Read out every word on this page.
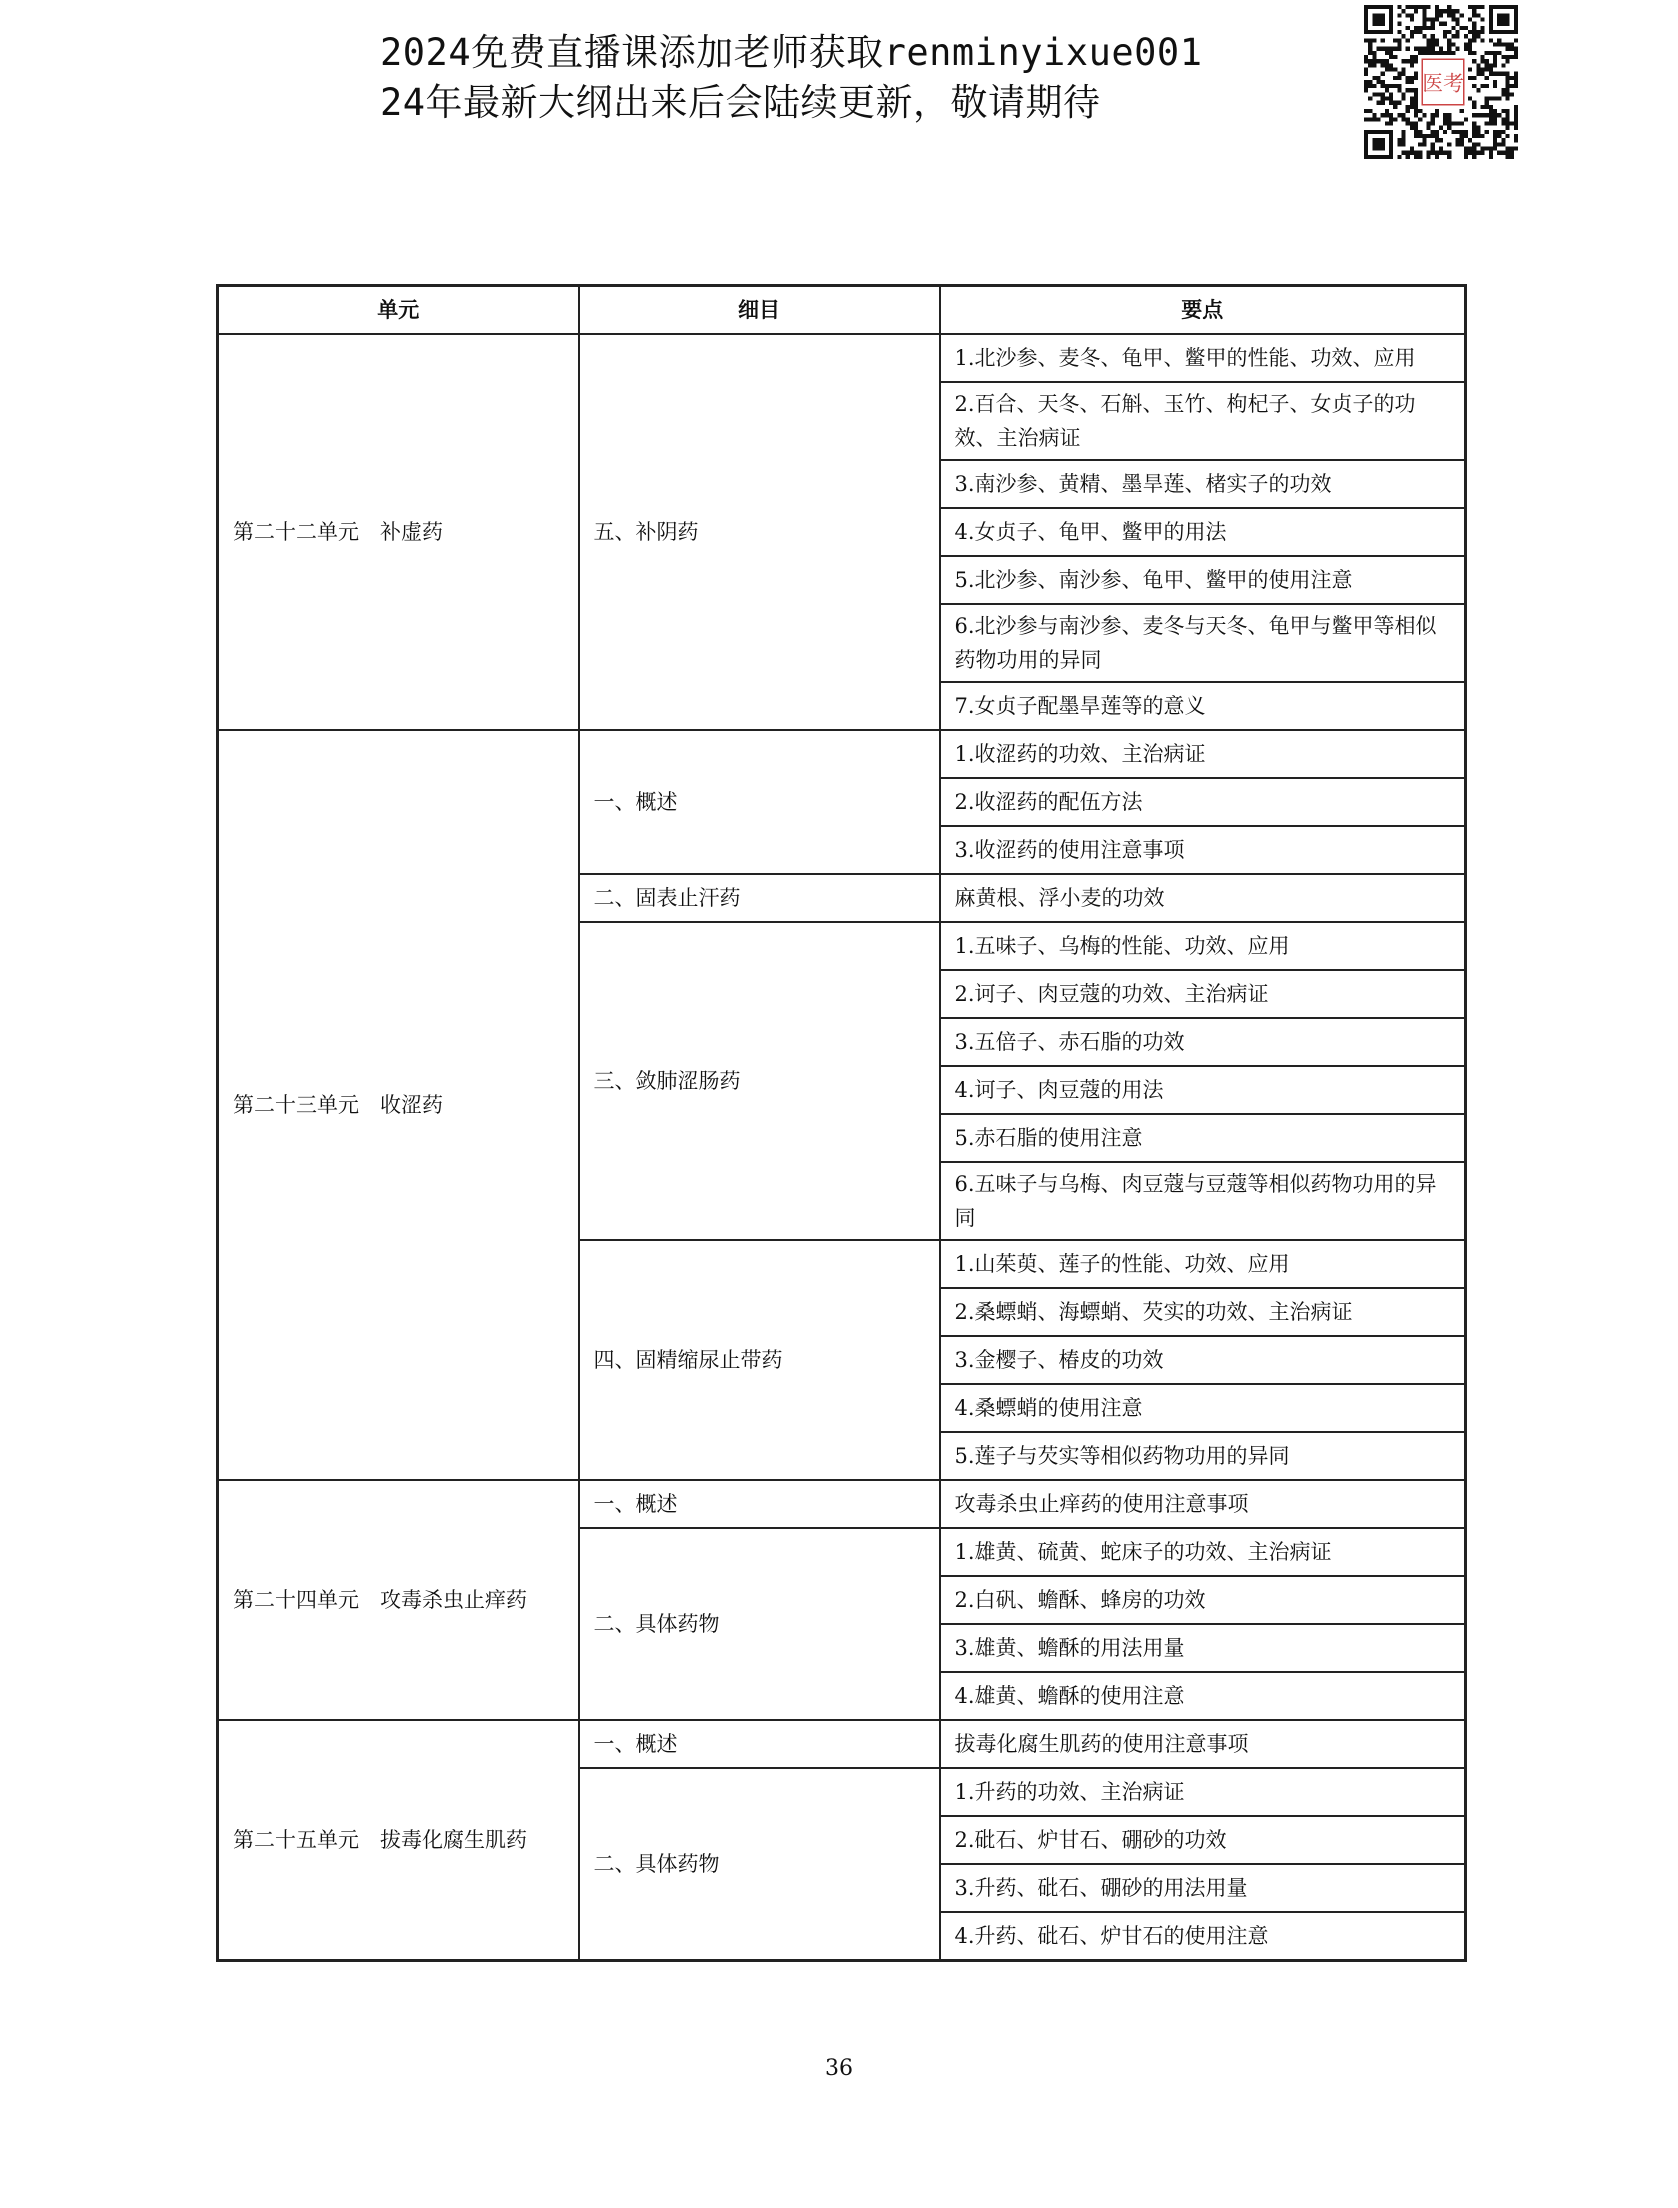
2024免费直播课添加老师获取renminyixue001
24年最新大纲出来后会陆续更新，敬请期待	医考
单元	细目	要点
第二十二单元　补虚药	五、补阴药	1.北沙参、麦冬、龟甲、鳖甲的性能、功效、应用
		2.百合、天冬、石斛、玉竹、枸杞子、女贞子的功效、主治病证
		3.南沙参、黄精、墨旱莲、楮实子的功效
		4.女贞子、龟甲、鳖甲的用法
		5.北沙参、南沙参、龟甲、鳖甲的使用注意
		6.北沙参与南沙参、麦冬与天冬、龟甲与鳖甲等相似药物功用的异同
		7.女贞子配墨旱莲等的意义
第二十三单元　收涩药	一、概述	1.收涩药的功效、主治病证
		2.收涩药的配伍方法
		3.收涩药的使用注意事项
	二、固表止汗药	麻黄根、浮小麦的功效
	三、敛肺涩肠药	1.五味子、乌梅的性能、功效、应用
		2.诃子、肉豆蔻的功效、主治病证
		3.五倍子、赤石脂的功效
		4.诃子、肉豆蔻的用法
		5.赤石脂的使用注意
		6.五味子与乌梅、肉豆蔻与豆蔻等相似药物功用的异同
	四、固精缩尿止带药	1.山茱萸、莲子的性能、功效、应用
		2.桑螵蛸、海螵蛸、芡实的功效、主治病证
		3.金樱子、椿皮的功效
		4.桑螵蛸的使用注意
		5.莲子与芡实等相似药物功用的异同
第二十四单元　攻毒杀虫止痒药	一、概述	攻毒杀虫止痒药的使用注意事项
	二、具体药物	1.雄黄、硫黄、蛇床子的功效、主治病证
		2.白矾、蟾酥、蜂房的功效
		3.雄黄、蟾酥的用法用量
		4.雄黄、蟾酥的使用注意
第二十五单元　拔毒化腐生肌药	一、概述	拔毒化腐生肌药的使用注意事项
	二、具体药物	1.升药的功效、主治病证
		2.砒石、炉甘石、硼砂的功效
		3.升药、砒石、硼砂的用法用量
		4.升药、砒石、炉甘石的使用注意
36
